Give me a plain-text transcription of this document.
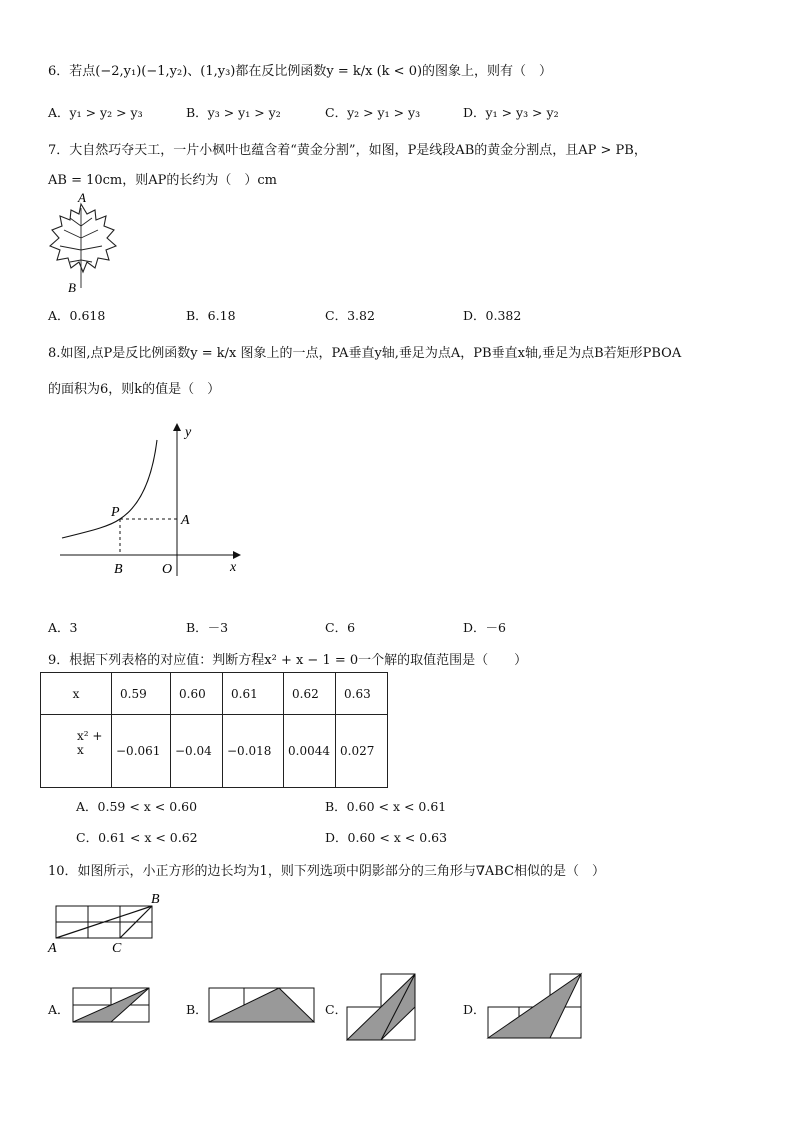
6．若点(−2,y₁)(−1,y₂)、(1,y₃)都在反比例函数y = k/x (k < 0)的图象上，则有（　）
A．y₁ > y₂ > y₃	B．y₃ > y₁ > y₂	C．y₂ > y₁ > y₃	D．y₁ > y₃ > y₂
7．大自然巧夺天工，一片小枫叶也蕴含着“黄金分割”，如图，P是线段AB的黄金分割点，且AP > PB，
AB = 10cm，则AP的长约为（　）cm
A
B
A．0.618	B．6.18	C．3.82	D．0.382
8.如图,点P是反比例函数y = k/x 图象上的一点，PA垂直y轴,垂足为点A，PB垂直x轴,垂足为点B若矩形PBOA
的面积为6，则k的值是（　）
y
x
P
A
B	O
A．3	B．－3	C．6	D．－6
9．根据下列表格的对应值：判断方程x² + x − 1 = 0一个解的取值范围是（　　）
x	0.59	0.60	0.61	0.62	0.63
x² + x	−0.061	−0.04	−0.018	0.0044	0.027
A．0.59 < x < 0.60	B．0.60 < x < 0.61
C．0.61 < x < 0.62	D．0.60 < x < 0.63
10．如图所示，小正方形的边长均为1，则下列选项中阴影部分的三角形与∇ABC相似的是（　）
A	C
B
A．	B．	C．	D．
